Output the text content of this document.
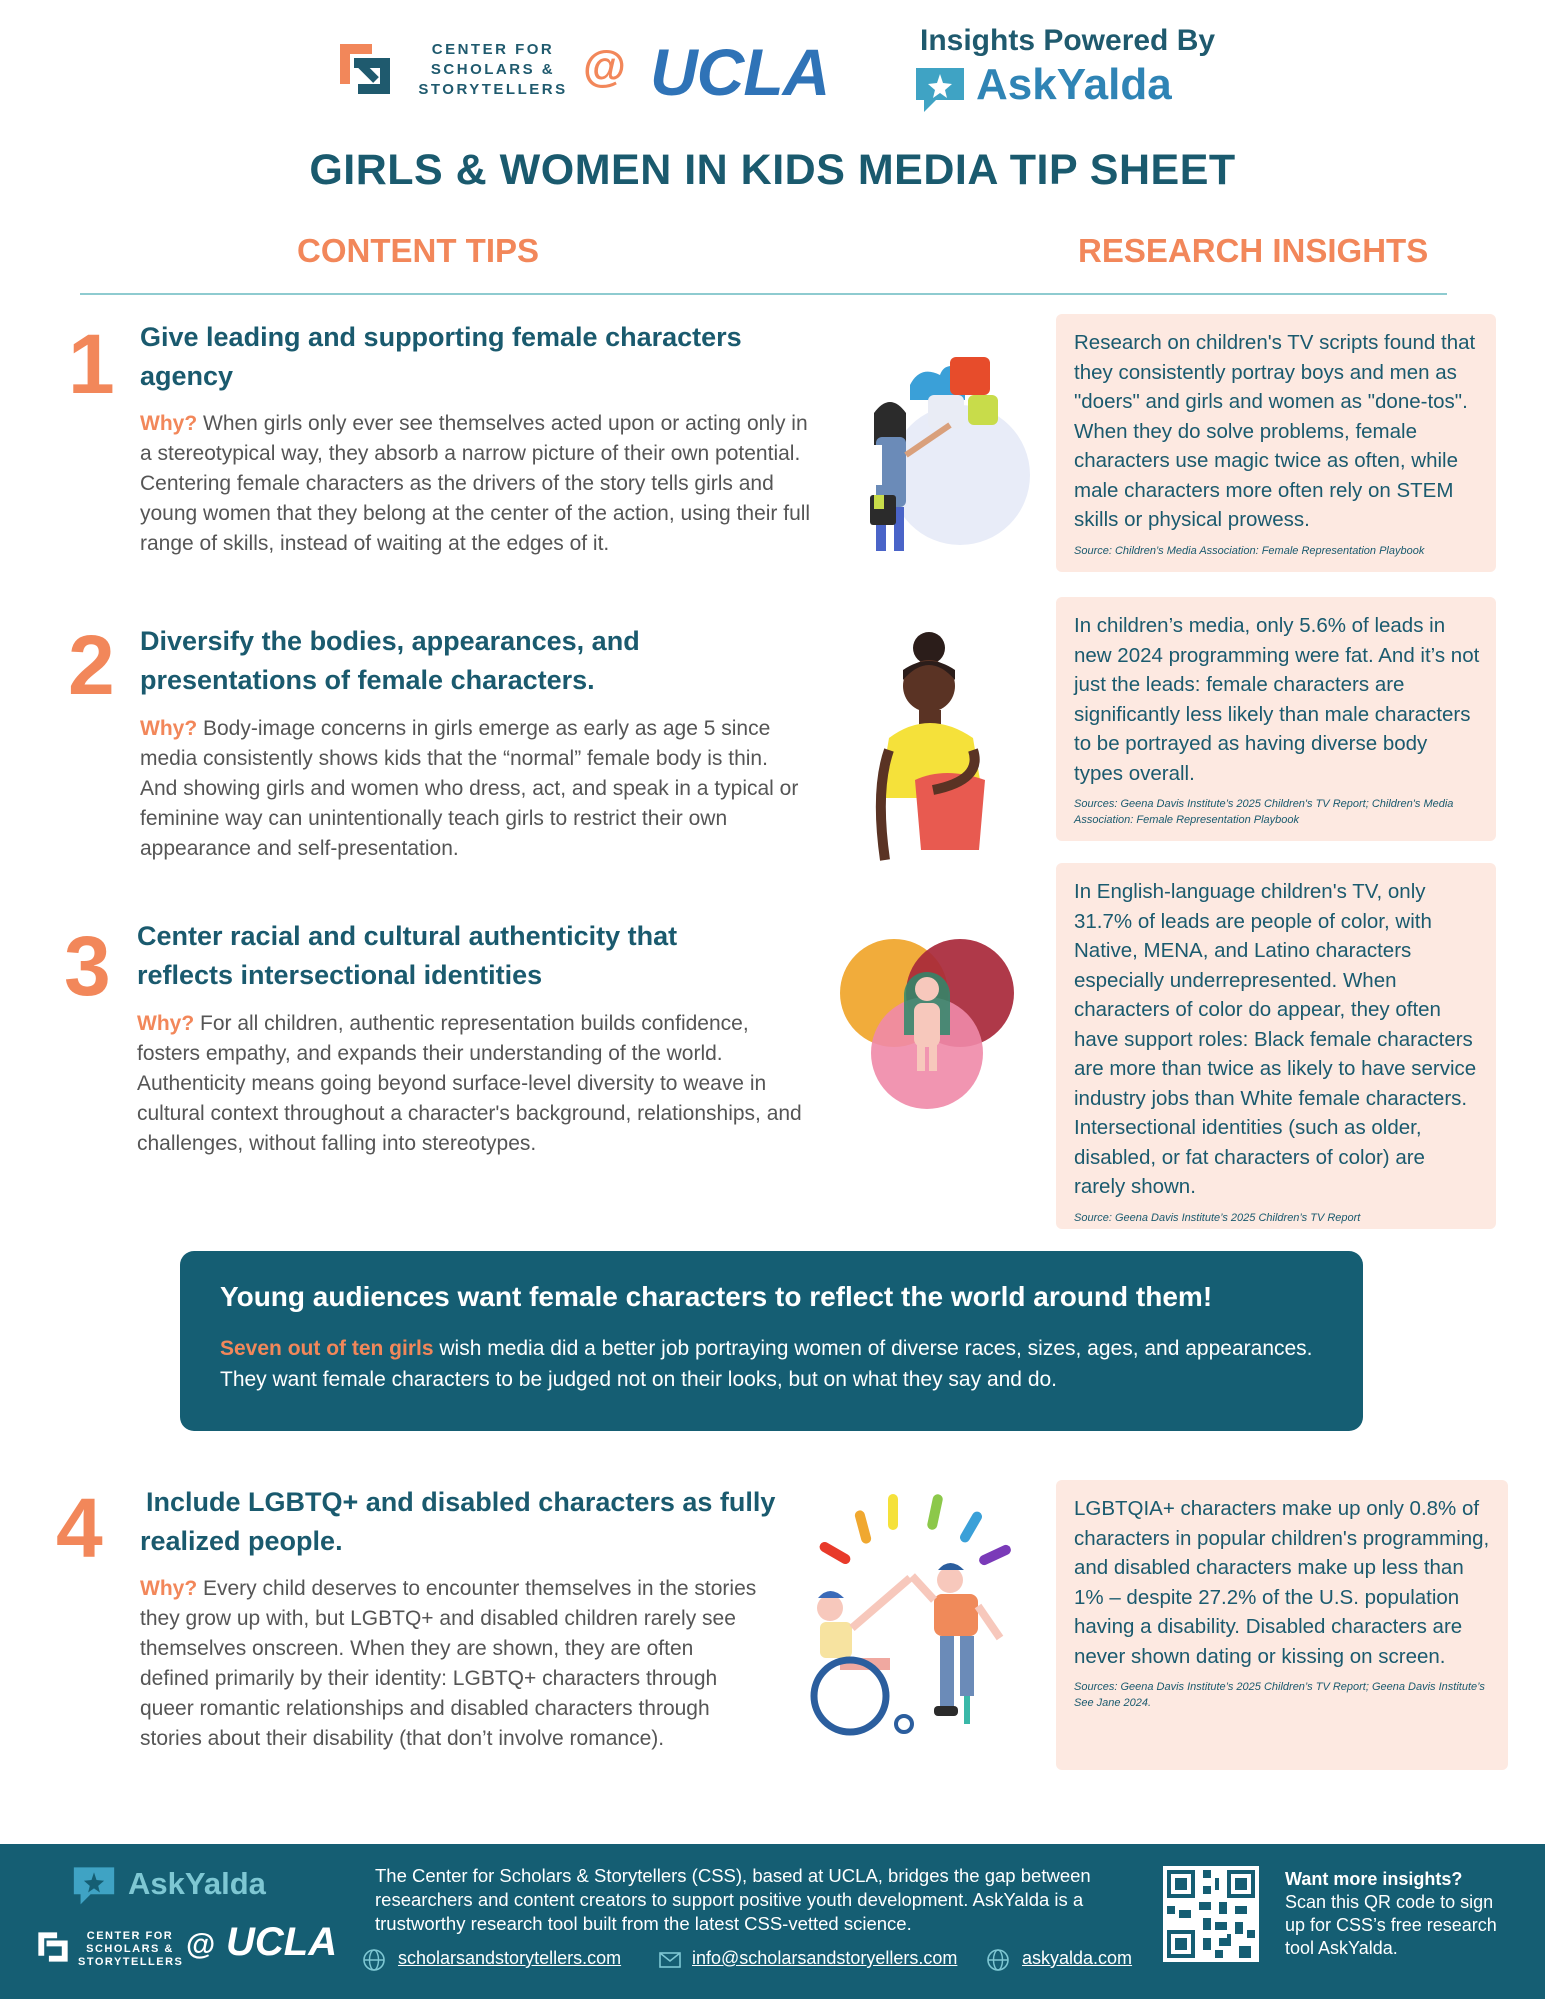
CENTER FOR
SCHOLARS &
STORYTELLERS @ UCLA	Insights Powered By
AskYalda
GIRLS & WOMEN IN KIDS MEDIA TIP SHEET
CONTENT TIPS	RESEARCH INSIGHTS
1 Give leading and supporting female characters agency
Why? When girls only ever see themselves acted upon or acting only in a stereotypical way, they absorb a narrow picture of their own potential. Centering female characters as the drivers of the story tells girls and young women that they belong at the center of the action, using their full range of skills, instead of waiting at the edges of it.
Research on children's TV scripts found that they consistently portray boys and men as "doers" and girls and women as "done-tos". When they do solve problems, female characters use magic twice as often, while male characters more often rely on STEM skills or physical prowess.
Source: Children’s Media Association: Female Representation Playbook
2 Diversify the bodies, appearances, and presentations of female characters.
Why? Body-image concerns in girls emerge as early as age 5 since media consistently shows kids that the “normal” female body is thin. And showing girls and women who dress, act, and speak in a typical or feminine way can unintentionally teach girls to restrict their own appearance and self-presentation.
In children’s media, only 5.6% of leads in new 2024 programming were fat. And it’s not just the leads: female characters are significantly less likely than male characters to be portrayed as having diverse body types overall.
Sources: Geena Davis Institute’s 2025 Children's TV Report; Children's Media Association: Female Representation Playbook
3 Center racial and cultural authenticity that reflects intersectional identities
Why? For all children, authentic representation builds confidence, fosters empathy, and expands their understanding of the world. Authenticity means going beyond surface-level diversity to weave in cultural context throughout a character's background, relationships, and challenges, without falling into stereotypes.
In English-language children's TV, only 31.7% of leads are people of color, with Native, MENA, and Latino characters especially underrepresented. When characters of color do appear, they often have support roles: Black female characters are more than twice as likely to have service industry jobs than White female characters. Intersectional identities (such as older, disabled, or fat characters of color) are rarely shown.
Source: Geena Davis Institute’s 2025 Children’s TV Report
Young audiences want female characters to reflect the world around them!
Seven out of ten girls wish media did a better job portraying women of diverse races, sizes, ages, and appearances. They want female characters to be judged not on their looks, but on what they say and do.
4 Include LGBTQ+ and disabled characters as fully realized people.
Why? Every child deserves to encounter themselves in the stories they grow up with, but LGBTQ+ and disabled children rarely see themselves onscreen. When they are shown, they are often defined primarily by their identity: LGBTQ+ characters through queer romantic relationships and disabled characters through stories about their disability (that don’t involve romance).
LGBTQIA+ characters make up only 0.8% of characters in popular children's programming, and disabled characters make up less than 1% – despite 27.2% of the U.S. population having a disability. Disabled characters are never shown dating or kissing on screen.
Sources: Geena Davis Institute’s 2025 Children’s TV Report; Geena Davis Institute’s See Jane 2024.
AskYalda
CENTER FOR
SCHOLARS &
STORYTELLERS
@ UCLA
The Center for Scholars & Storytellers (CSS), based at UCLA, bridges the gap between researchers and content creators to support positive youth development. AskYalda is a trustworthy research tool built from the latest CSS-vetted science.
scholarsandstorytellers.com	info@scholarsandstoryellers.com	askyalda.com
Want more insights?
Scan this QR code to sign up for CSS’s free research tool AskYalda.
